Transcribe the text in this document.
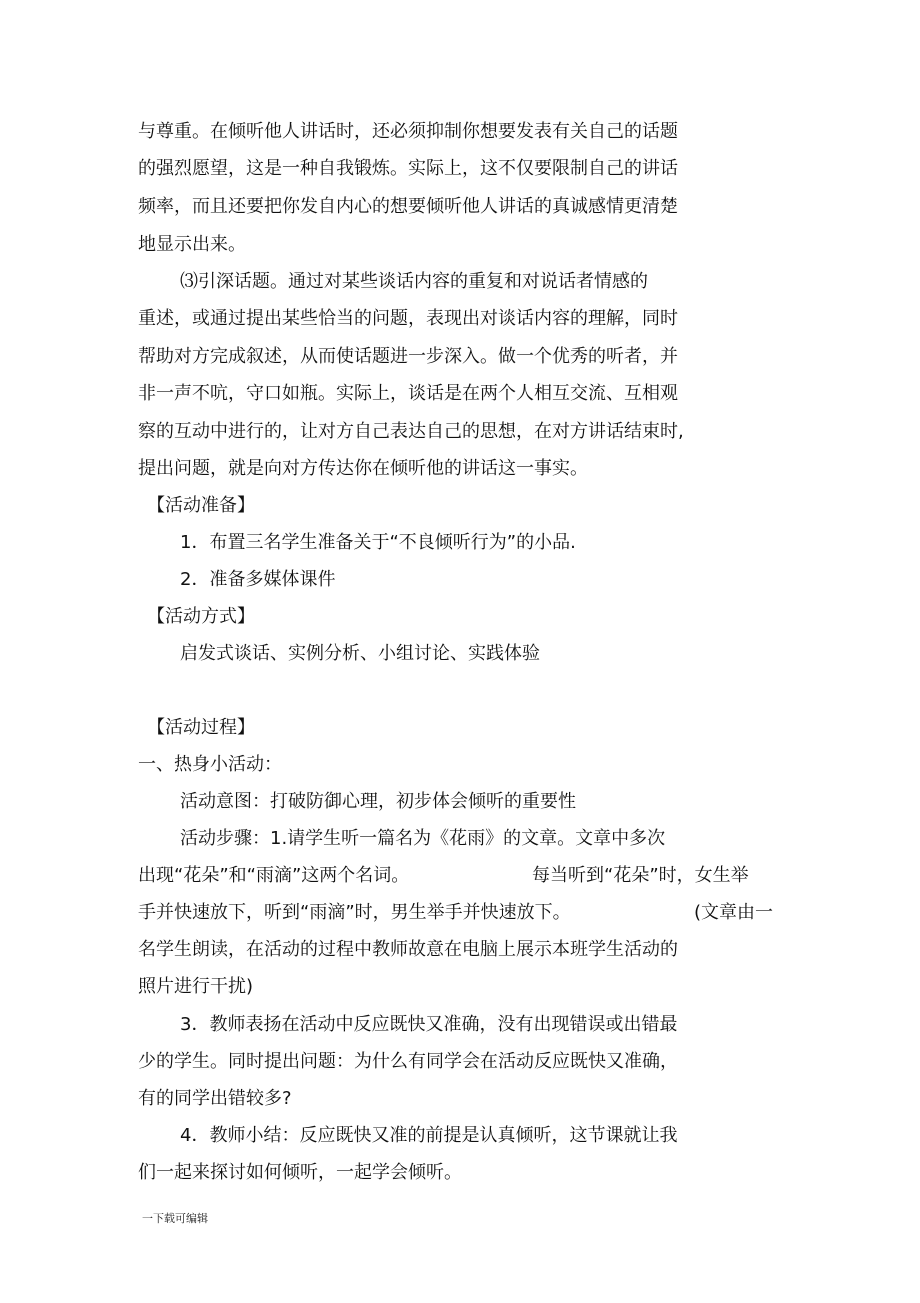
与尊重。在倾听他人讲话时，还必须抑制你想要发表有关自己的话题

的强烈愿望，这是一种自我锻炼。实际上，这不仅要限制自己的讲话

频率，而且还要把你发自内心的想要倾听他人讲话的真诚感情更清楚

地显示出来。

⑶引深话题。通过对某些谈话内容的重复和对说话者情感的

重述，或通过提出某些恰当的问题，表现出对谈话内容的理解，同时

帮助对方完成叙述，从而使话题进一步深入。做一个优秀的听者，并

非一声不吭，守口如瓶。实际上，谈话是在两个人相互交流、互相观

察的互动中进行的，让对方自己表达自己的思想，在对方讲话结束时,

提出问题，就是向对方传达你在倾听他的讲话这一事实。

【活动准备】

1．布置三名学生准备关于“不良倾听行为”的小品.

2．准备多媒体课件

【活动方式】

启发式谈话、实例分析、小组讨论、实践体验

【活动过程】

一、热身小活动：

活动意图：打破防御心理，初步体会倾听的重要性

活动步骤：1.请学生听一篇名为《花雨》的文章。文章中多次

出现“花朵”和“雨滴”这两个名词。	每当听到“花朵”时，女生举

手并快速放下，听到“雨滴”时，男生举手并快速放下。	(文章由一

名学生朗读，在活动的过程中教师故意在电脑上展示本班学生活动的

照片进行干扰)

3．教师表扬在活动中反应既快又准确，没有出现错误或出错最

少的学生。同时提出问题：为什么有同学会在活动反应既快又准确，

有的同学出错较多?

4．教师小结：反应既快又准的前提是认真倾听，这节课就让我

们一起来探讨如何倾听，一起学会倾听。

一下载可编辑
